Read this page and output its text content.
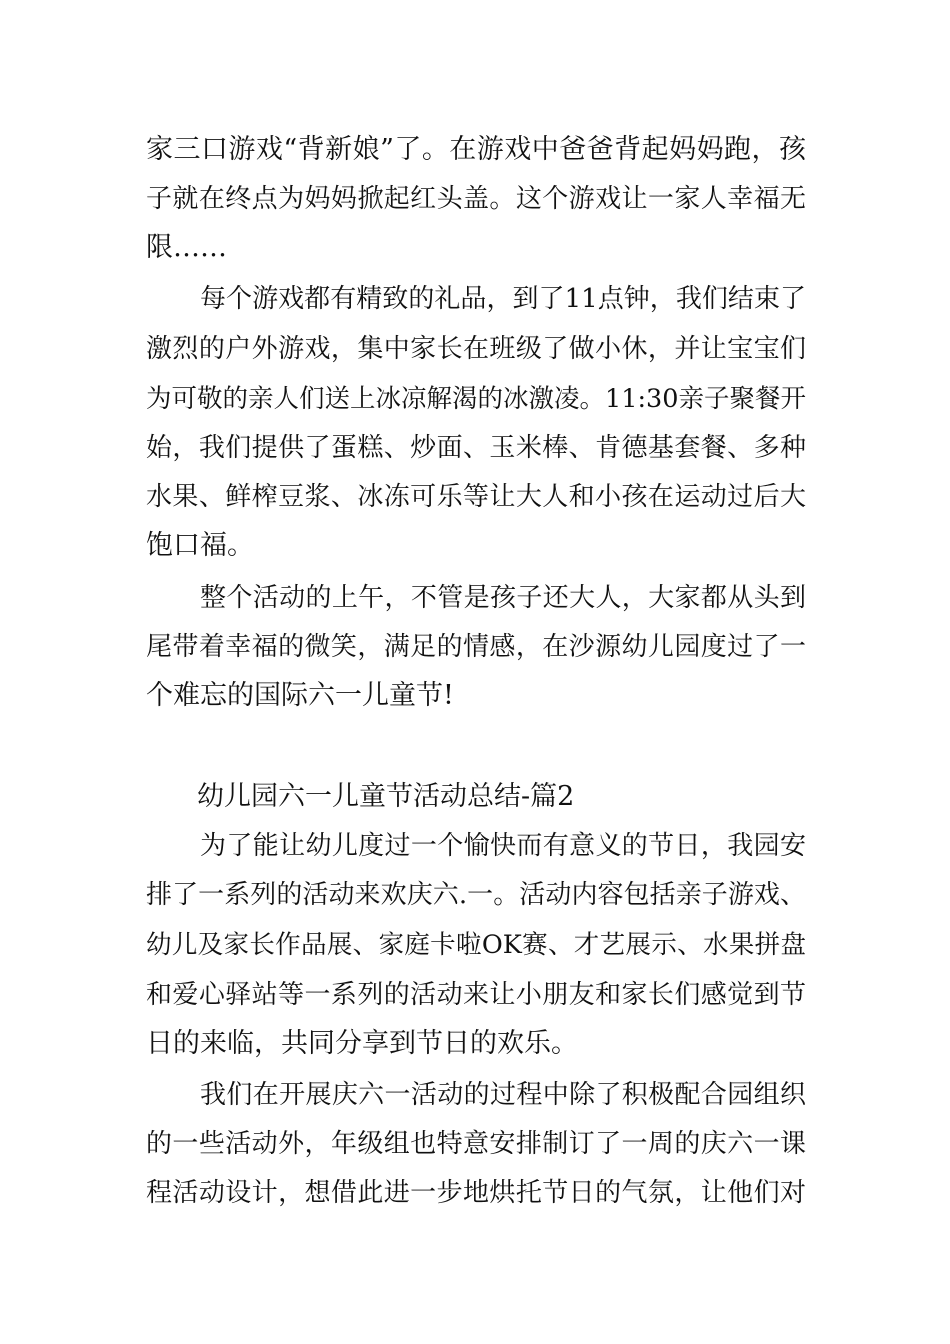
家三口游戏“背新娘”了。在游戏中爸爸背起妈妈跑，孩
子就在终点为妈妈掀起红头盖。这个游戏让一家人幸福无
限……
每个游戏都有精致的礼品，到了11点钟，我们结束了
激烈的户外游戏，集中家长在班级了做小休，并让宝宝们
为可敬的亲人们送上冰凉解渴的冰激凌。11:30亲子聚餐开
始，我们提供了蛋糕、炒面、玉米棒、肯德基套餐、多种
水果、鲜榨豆浆、冰冻可乐等让大人和小孩在运动过后大
饱口福。
整个活动的上午，不管是孩子还大人，大家都从头到
尾带着幸福的微笑，满足的情感，在沙源幼儿园度过了一
个难忘的国际六一儿童节!
幼儿园六一儿童节活动总结-篇2
为了能让幼儿度过一个愉快而有意义的节日，我园安
排了一系列的活动来欢庆六.一。活动内容包括亲子游戏、
幼儿及家长作品展、家庭卡啦OK赛、才艺展示、水果拼盘
和爱心驿站等一系列的活动来让小朋友和家长们感觉到节
日的来临，共同分享到节日的欢乐。
我们在开展庆六一活动的过程中除了积极配合园组织
的一些活动外，年级组也特意安排制订了一周的庆六一课
程活动设计，想借此进一步地烘托节日的气氛，让他们对
